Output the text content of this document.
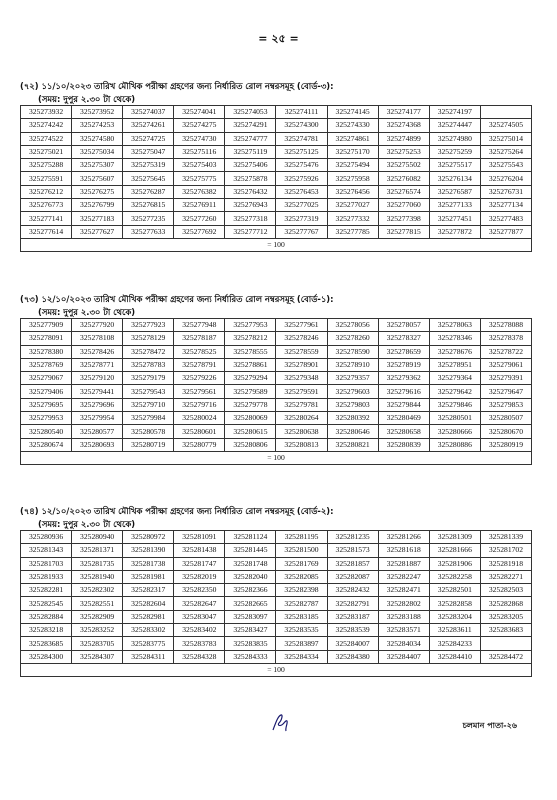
= ২৫ =
(৭২) ১১/১০/২০২৩ তারিখ মৌখিক পরীক্ষা গ্রহণের জন্য নির্ধারিত রোল নম্বরসমূহ (বোর্ড-৩):
(সময়: দুপুর ২.৩০ টা থেকে)
325273932	325273952	325274037	325274041	325274053	325274111	325274145	325274177	325274197	
325274242	325274253	325274261	325274275	325274291	325274300	325274330	325274368	325274447	325274505
325274522	325274580	325274725	325274730	325274777	325274781	325274861	325274899	325274980	325275014
325275021	325275034	325275047	325275116	325275119	325275125	325275170	325275253	325275259	325275264
325275288	325275307	325275319	325275403	325275406	325275476	325275494	325275502	325275517	325275543
325275591	325275607	325275645	325275775	325275878	325275926	325275958	325276082	325276134	325276204
325276212	325276275	325276287	325276382	325276432	325276453	325276456	325276574	325276587	325276731
325276773	325276799	325276815	325276911	325276943	325277025	325277027	325277060	325277133	325277134
325277141	325277183	325277235	325277260	325277318	325277319	325277332	325277398	325277451	325277483
325277614	325277627	325277633	325277692	325277712	325277767	325277785	325277815	325277872	325277877
= 100									
(৭৩) ১২/১০/২০২৩ তারিখ মৌখিক পরীক্ষা গ্রহণের জন্য নির্ধারিত রোল নম্বরসমূহ (বোর্ড-১):
(সময়: দুপুর ২.৩০ টা থেকে)
325277909	325277920	325277923	325277948	325277953	325277961	325278056	325278057	325278063	325278088
325278091	325278108	325278129	325278187	325278212	325278246	325278260	325278327	325278346	325278378
325278380	325278426	325278472	325278525	325278555	325278559	325278590	325278659	325278676	325278722
325278769	325278771	325278783	325278791	325278861	325278901	325278910	325278919	325278951	325279061
325279067	325279120	325279179	325279226	325279294	325279348	325279357	325279362	325279364	325279391
325279406	325279441	325279543	325279561	325279589	325279591	325279603	325279616	325279642	325279647
325279695	325279696	325279710	325279716	325279778	325279781	325279803	325279844	325279846	325279853
325279953	325279954	325279984	325280024	325280069	325280264	325280392	325280469	325280501	325280507
325280540	325280577	325280578	325280601	325280615	325280638	325280646	325280658	325280666	325280670
325280674	325280693	325280719	325280779	325280806	325280813	325280821	325280839	325280886	325280919
= 100									
(৭৪) ১২/১০/২০২৩ তারিখ মৌখিক পরীক্ষা গ্রহণের জন্য নির্ধারিত রোল নম্বরসমূহ (বোর্ড-২):
(সময়: দুপুর ২.৩০ টা থেকে)
325280936	325280940	325280972	325281091	325281124	325281195	325281235	325281266	325281309	325281339
325281343	325281371	325281390	325281438	325281445	325281500	325281573	325281618	325281666	325281702
325281703	325281735	325281738	325281747	325281748	325281769	325281857	325281887	325281906	325281918
325281933	325281940	325281981	325282019	325282040	325282085	325282087	325282247	325282258	325282271
325282281	325282302	325282317	325282350	325282366	325282398	325282432	325282471	325282501	325282503
325282545	325282551	325282604	325282647	325282665	325282787	325282791	325282802	325282858	325282868
325282884	325282909	325282981	325283047	325283097	325283185	325283187	325283188	325283204	325283205
325283218	325283252	325283302	325283402	325283427	325283535	325283539	325283571	325283611	325283683
325283685	325283705	325283775	325283783	325283835	325283897	325284007	325284034	325284233	
325284300	325284307	325284311	325284328	325284333	325284334	325284380	325284407	325284410	325284472
= 100									
চলমান পাতা-২৬
